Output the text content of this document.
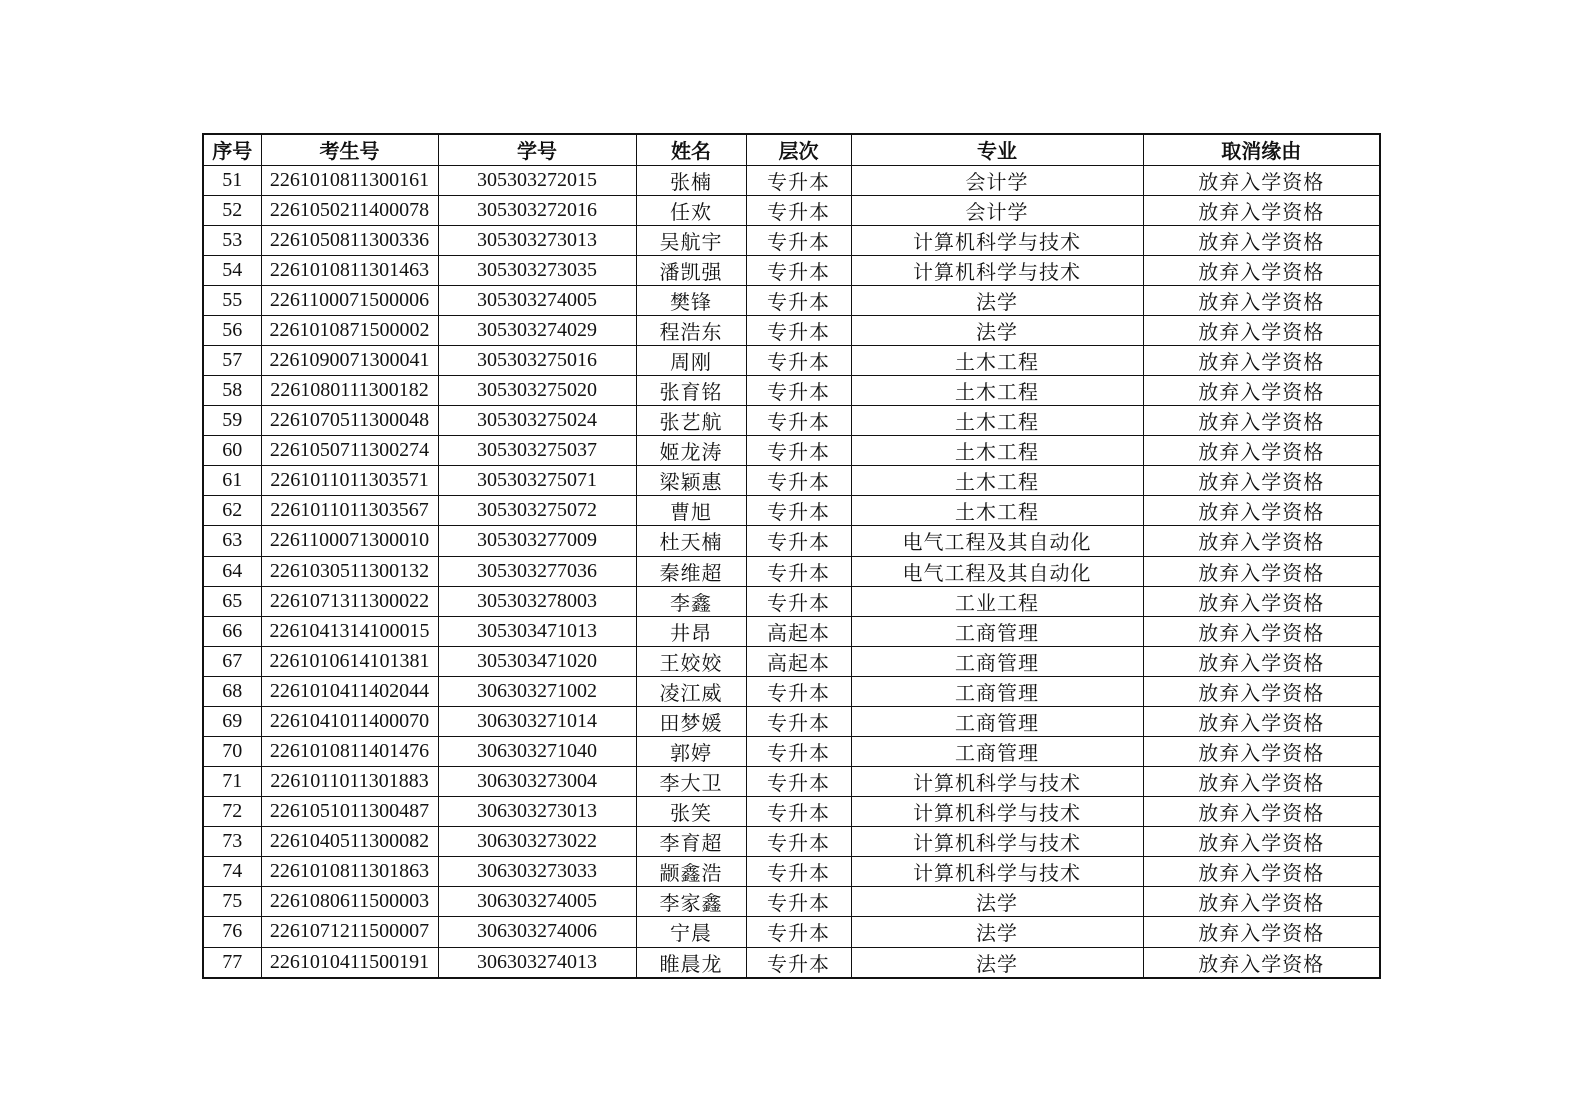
序号	考生号	学号	姓名	层次	专业	取消缘由
51	2261010811300161	305303272015	张楠	专升本	会计学	放弃入学资格
52	2261050211400078	305303272016	任欢	专升本	会计学	放弃入学资格
53	2261050811300336	305303273013	吴航宇	专升本	计算机科学与技术	放弃入学资格
54	2261010811301463	305303273035	潘凯强	专升本	计算机科学与技术	放弃入学资格
55	2261100071500006	305303274005	樊锋	专升本	法学	放弃入学资格
56	2261010871500002	305303274029	程浩东	专升本	法学	放弃入学资格
57	2261090071300041	305303275016	周刚	专升本	土木工程	放弃入学资格
58	2261080111300182	305303275020	张育铭	专升本	土木工程	放弃入学资格
59	2261070511300048	305303275024	张艺航	专升本	土木工程	放弃入学资格
60	2261050711300274	305303275037	姬龙涛	专升本	土木工程	放弃入学资格
61	2261011011303571	305303275071	梁颖惠	专升本	土木工程	放弃入学资格
62	2261011011303567	305303275072	曹旭	专升本	土木工程	放弃入学资格
63	2261100071300010	305303277009	杜天楠	专升本	电气工程及其自动化	放弃入学资格
64	2261030511300132	305303277036	秦维超	专升本	电气工程及其自动化	放弃入学资格
65	2261071311300022	305303278003	李鑫	专升本	工业工程	放弃入学资格
66	2261041314100015	305303471013	井昂	高起本	工商管理	放弃入学资格
67	2261010614101381	305303471020	王姣姣	高起本	工商管理	放弃入学资格
68	2261010411402044	306303271002	凌江威	专升本	工商管理	放弃入学资格
69	2261041011400070	306303271014	田梦媛	专升本	工商管理	放弃入学资格
70	2261010811401476	306303271040	郭婷	专升本	工商管理	放弃入学资格
71	2261011011301883	306303273004	李大卫	专升本	计算机科学与技术	放弃入学资格
72	2261051011300487	306303273013	张笑	专升本	计算机科学与技术	放弃入学资格
73	2261040511300082	306303273022	李育超	专升本	计算机科学与技术	放弃入学资格
74	2261010811301863	306303273033	颛鑫浩	专升本	计算机科学与技术	放弃入学资格
75	2261080611500003	306303274005	李家鑫	专升本	法学	放弃入学资格
76	2261071211500007	306303274006	宁晨	专升本	法学	放弃入学资格
77	2261010411500191	306303274013	睢晨龙	专升本	法学	放弃入学资格
